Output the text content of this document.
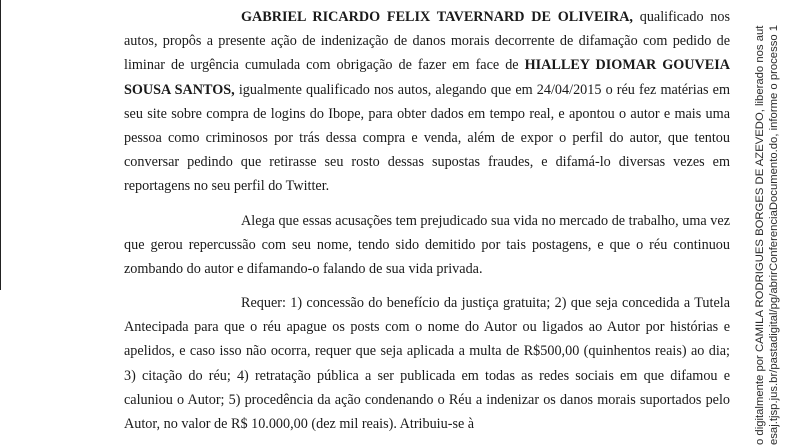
GABRIEL RICARDO FELIX TAVERNARD DE OLIVEIRA, qualificado nos autos, propôs a presente ação de indenização de danos morais decorrente de difamação com pedido de liminar de urgência cumulada com obrigação de fazer em face de HIALLEY DIOMAR GOUVEIA SOUSA SANTOS, igualmente qualificado nos autos, alegando que em 24/04/2015 o réu fez matérias em seu site sobre compra de logins do Ibope, para obter dados em tempo real, e apontou o autor e mais uma pessoa como criminosos por trás dessa compra e venda, além de expor o perfil do autor, que tentou conversar pedindo que retirasse seu rosto dessas supostas fraudes, e difamá-lo diversas vezes em reportagens no seu perfil do Twitter.

Alega que essas acusações tem prejudicado sua vida no mercado de trabalho, uma vez que gerou repercussão com seu nome, tendo sido demitido por tais postagens, e que o réu continuou zombando do autor e difamando-o falando de sua vida privada.

Requer: 1) concessão do benefício da justiça gratuita; 2) que seja concedida a Tutela Antecipada para que o réu apague os posts com o nome do Autor ou ligados ao Autor por histórias e apelidos, e caso isso não ocorra, requer que seja aplicada a multa de R$500,00 (quinhentos reais) ao dia; 3) citação do réu; 4) retratação pública a ser publicada em todas as redes sociais em que difamou e caluniou o Autor; 5) procedência da ação condenando o Réu a indenizar os danos morais suportados pelo Autor, no valor de R$ 10.000,00 (dez mil reais). Atribuiu-se à	o digitalmente por CAMILA RODRIGUES BORGES DE AZEVEDO, liberado nos aut esaj.tjsp.jus.br/pastadigital/pg/abrirConferenciaDocumento.do, informe o processo 1
